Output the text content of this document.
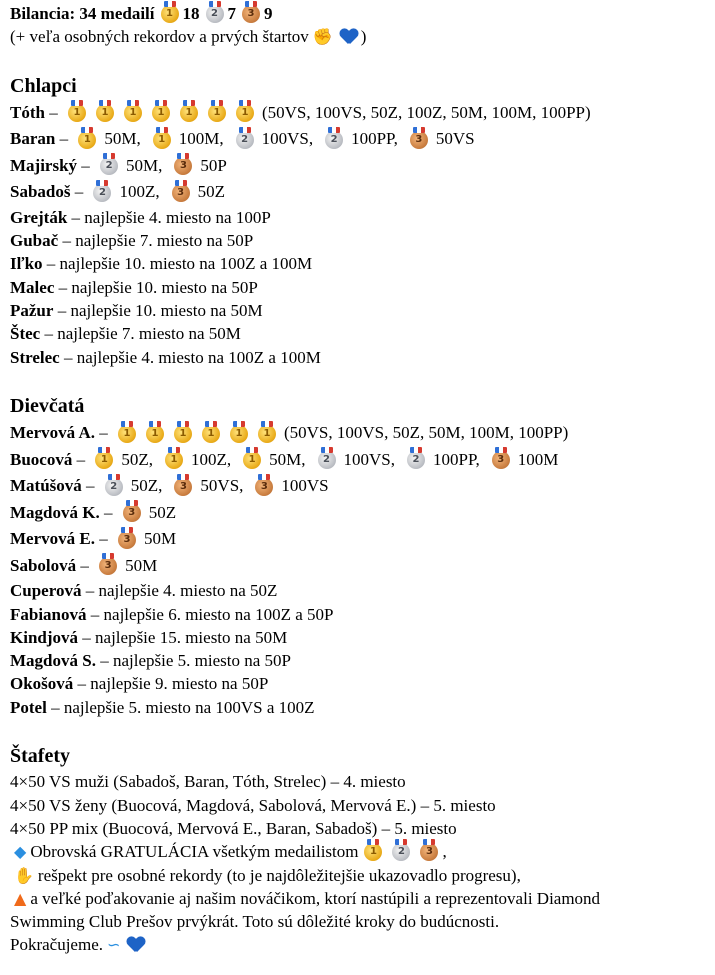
Bilancia: 34 medailí	1 18	2 7	3 9
(+ veľa osobných rekordov a prvých štartov ✊ )
Chlapci
Tóth –	1	1	1	1	1	1	1 (50VS, 100VS, 50Z, 100Z, 50M, 100M, 100PP)
Baran –	1 50M,	1 100M,	2 100VS,	2 100PP,	3 50VS
Majirský –	2 50M,	3 50P
Sabadoš –	2 100Z,	3 50Z
Grejták – najlepšie 4. miesto na 100P
Gubač – najlepšie 7. miesto na 50P
Iľko – najlepšie 10. miesto na 100Z a 100M
Malec – najlepšie 10. miesto na 50P
Pažur – najlepšie 10. miesto na 50M
Štec – najlepšie 7. miesto na 50M
Strelec – najlepšie 4. miesto na 100Z a 100M
Dievčatá
Mervová A. –	1	1	1	1	1	1 (50VS, 100VS, 50Z, 50M, 100M, 100PP)
Buocová –	1 50Z,	1 100Z,	1 50M,	2 100VS,	2 100PP,	3 100M
Matúšová –	2 50Z,	3 50VS,	3 100VS
Magdová K. –	3 50Z
Mervová E. –	3 50M
Sabolová –	3 50M
Cuperová – najlepšie 4. miesto na 50Z
Fabianová – najlepšie 6. miesto na 100Z a 50P
Kindjová – najlepšie 15. miesto na 50M
Magdová S. – najlepšie 5. miesto na 50P
Okošová – najlepšie 9. miesto na 50P
Potel – najlepšie 5. miesto na 100VS a 100Z
Štafety
4×50 VS muži (Sabadoš, Baran, Tóth, Strelec) – 4. miesto
4×50 VS ženy (Buocová, Magdová, Sabolová, Mervová E.) – 5. miesto
4×50 PP mix (Buocová, Mervová E., Baran, Sabadoš) – 5. miesto
◆ Obrovská GRATULÁCIA všetkým medailistom	1	2	3 ,
✋ rešpekt pre osobné rekordy (to je najdôležitejšie ukazovadlo progresu),
▲ a veľké poďakovanie aj našim nováčikom, ktorí nastúpili a reprezentovali Diamond
Swimming Club Prešov prvýkrát. Toto sú dôležité kroky do budúcnosti.
Pokračujeme. ∽
